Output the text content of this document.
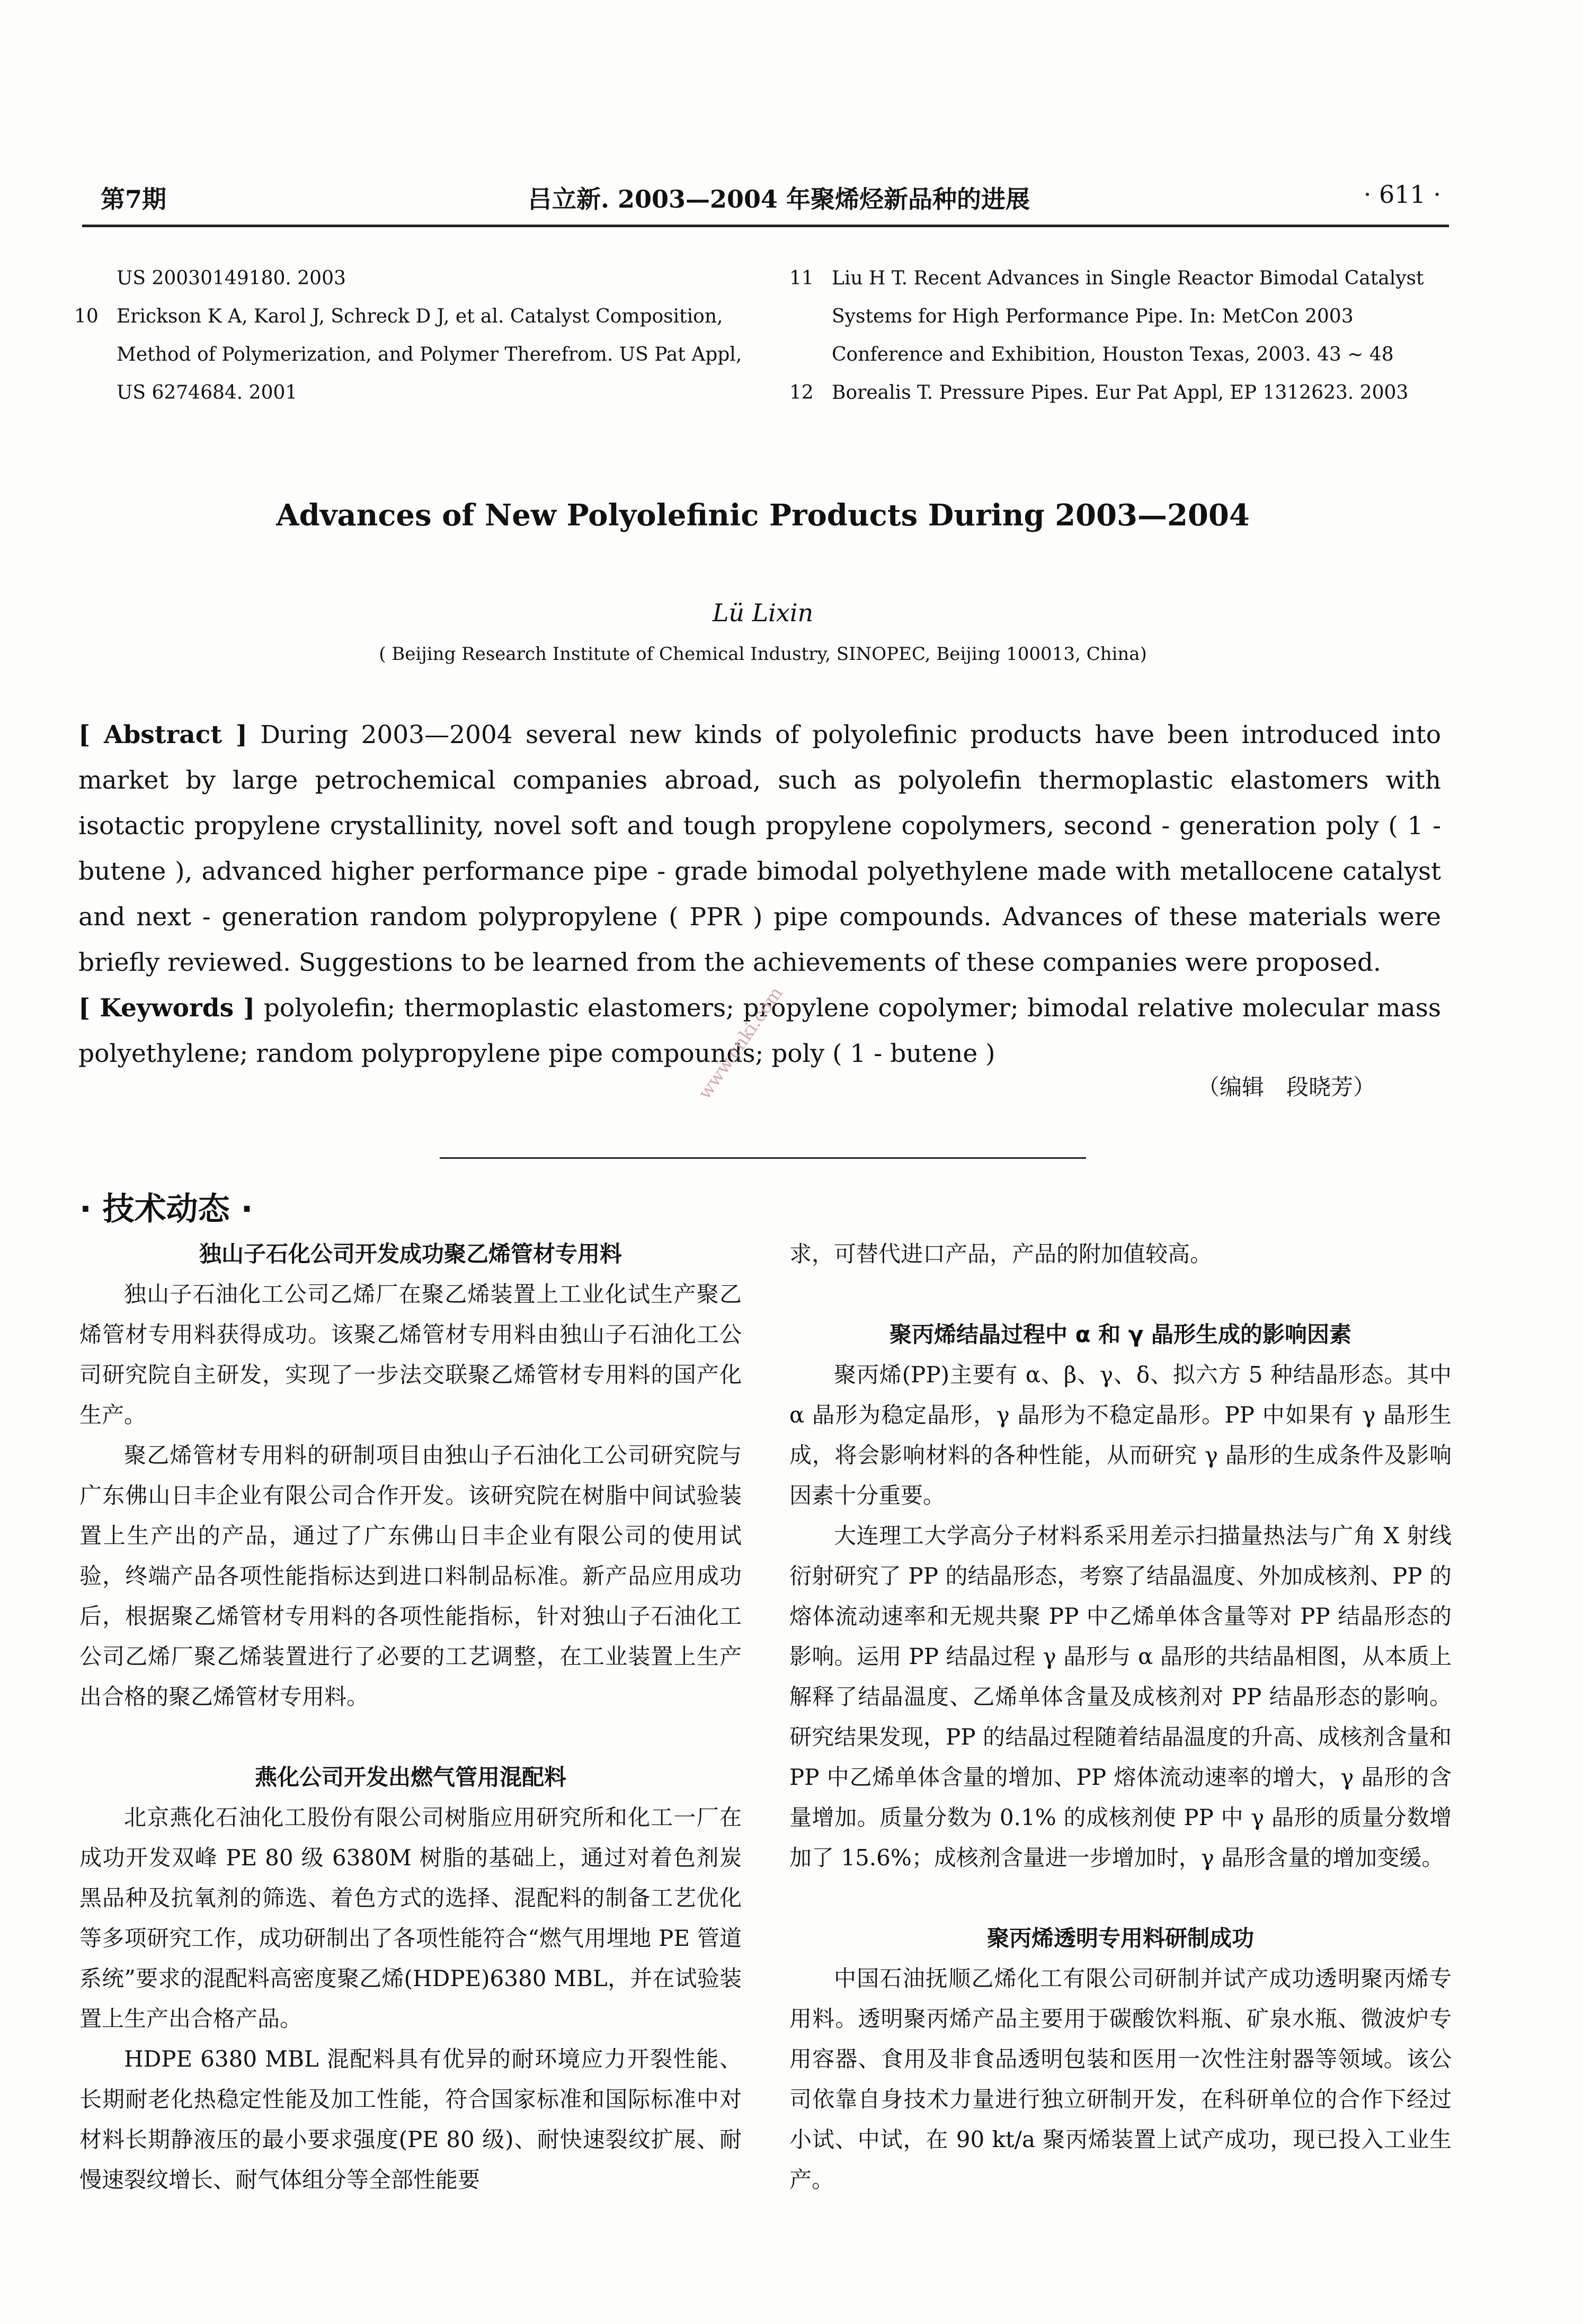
第7期	吕立新. 2003—2004 年聚烯烃新品种的进展	· 611 ·
US 20030149180. 2003
10 Erickson K A, Karol J, Schreck D J, et al. Catalyst Composition, Method of Polymerization, and Polymer Therefrom. US Pat Appl, US 6274684. 2001
11 Liu H T. Recent Advances in Single Reactor Bimodal Catalyst Systems for High Performance Pipe. In: MetCon 2003 Conference and Exhibition, Houston Texas, 2003. 43 ~ 48
12 Borealis T. Pressure Pipes. Eur Pat Appl, EP 1312623. 2003
Advances of New Polyolefinic Products During 2003—2004
Lü Lixin
( Beijing Research Institute of Chemical Industry, SINOPEC, Beijing 100013, China)

[ Abstract ] During 2003—2004 several new kinds of polyolefinic products have been introduced into market by large petrochemical companies abroad, such as polyolefin thermoplastic elastomers with isotactic propylene crystallinity, novel soft and tough propylene copolymers, second - generation poly ( 1 - butene ), advanced higher performance pipe - grade bimodal polyethylene made with metallocene catalyst and next - generation random polypropylene ( PPR ) pipe compounds. Advances of these materials were briefly reviewed. Suggestions to be learned from the achievements of these companies were proposed.

[ Keywords ] polyolefin; thermoplastic elastomers; propylene copolymer; bimodal relative molecular mass polyethylene; random polypropylene pipe compounds; poly ( 1 - butene )

（编辑　段晓芳）
www.cnki.com
· 技术动态 ·
独山子石化公司开发成功聚乙烯管材专用料

独山子石油化工公司乙烯厂在聚乙烯装置上工业化试生产聚乙烯管材专用料获得成功。该聚乙烯管材专用料由独山子石油化工公司研究院自主研发，实现了一步法交联聚乙烯管材专用料的国产化生产。

聚乙烯管材专用料的研制项目由独山子石油化工公司研究院与广东佛山日丰企业有限公司合作开发。该研究院在树脂中间试验装置上生产出的产品，通过了广东佛山日丰企业有限公司的使用试验，终端产品各项性能指标达到进口料制品标准。新产品应用成功后，根据聚乙烯管材专用料的各项性能指标，针对独山子石油化工公司乙烯厂聚乙烯装置进行了必要的工艺调整，在工业装置上生产出合格的聚乙烯管材专用料。

燕化公司开发出燃气管用混配料

北京燕化石油化工股份有限公司树脂应用研究所和化工一厂在成功开发双峰 PE 80 级 6380M 树脂的基础上，通过对着色剂炭黑品种及抗氧剂的筛选、着色方式的选择、混配料的制备工艺优化等多项研究工作，成功研制出了各项性能符合“燃气用埋地 PE 管道系统”要求的混配料高密度聚乙烯(HDPE)6380 MBL，并在试验装置上生产出合格产品。

HDPE 6380 MBL 混配料具有优异的耐环境应力开裂性能、长期耐老化热稳定性能及加工性能，符合国家标准和国际标准中对材料长期静液压的最小要求强度(PE 80 级)、耐快速裂纹扩展、耐慢速裂纹增长、耐气体组分等全部性能要

求，可替代进口产品，产品的附加值较高。

聚丙烯结晶过程中 α 和 γ 晶形生成的影响因素

聚丙烯(PP)主要有 α、β、γ、δ、拟六方 5 种结晶形态。其中 α 晶形为稳定晶形，γ 晶形为不稳定晶形。PP 中如果有 γ 晶形生成，将会影响材料的各种性能，从而研究 γ 晶形的生成条件及影响因素十分重要。

大连理工大学高分子材料系采用差示扫描量热法与广角 X 射线衍射研究了 PP 的结晶形态，考察了结晶温度、外加成核剂、PP 的熔体流动速率和无规共聚 PP 中乙烯单体含量等对 PP 结晶形态的影响。运用 PP 结晶过程 γ 晶形与 α 晶形的共结晶相图，从本质上解释了结晶温度、乙烯单体含量及成核剂对 PP 结晶形态的影响。研究结果发现，PP 的结晶过程随着结晶温度的升高、成核剂含量和 PP 中乙烯单体含量的增加、PP 熔体流动速率的增大，γ 晶形的含量增加。质量分数为 0.1% 的成核剂使 PP 中 γ 晶形的质量分数增加了 15.6%；成核剂含量进一步增加时，γ 晶形含量的增加变缓。

聚丙烯透明专用料研制成功

中国石油抚顺乙烯化工有限公司研制并试产成功透明聚丙烯专用料。透明聚丙烯产品主要用于碳酸饮料瓶、矿泉水瓶、微波炉专用容器、食用及非食品透明包装和医用一次性注射器等领域。该公司依靠自身技术力量进行独立研制开发，在科研单位的合作下经过小试、中试，在 90 kt/a 聚丙烯装置上试产成功，现已投入工业生产。
